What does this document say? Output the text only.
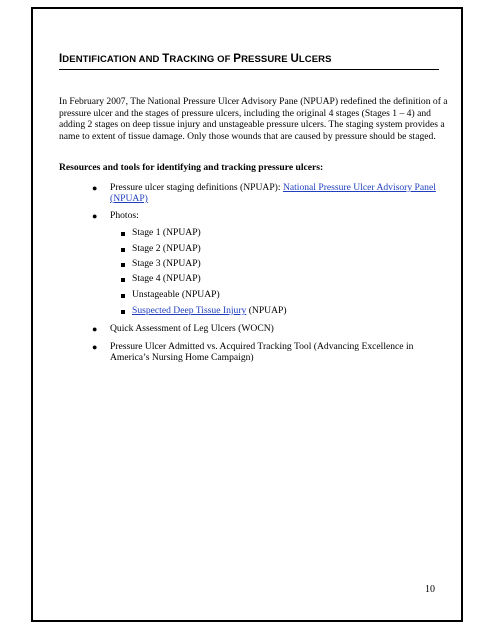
IDENTIFICATION AND TRACKING OF PRESSURE ULCERS

In February 2007, The National Pressure Ulcer Advisory Pane (NPUAP) redefined the definition of a pressure ulcer and the stages of pressure ulcers, including the original 4 stages (Stages 1 – 4) and adding 2 stages on deep tissue injury and unstageable pressure ulcers. The staging system provides a name to extent of tissue damage. Only those wounds that are caused by pressure should be staged.

Resources and tools for identifying and tracking pressure ulcers:
● Pressure ulcer staging definitions (NPUAP): National Pressure Ulcer Advisory Panel
(NPUAP)
● Photos:
Stage 1 (NPUAP)
Stage 2 (NPUAP)
Stage 3 (NPUAP)
Stage 4 (NPUAP)
Unstageable (NPUAP)
Suspected Deep Tissue Injury (NPUAP)
● Quick Assessment of Leg Ulcers (WOCN)
● Pressure Ulcer Admitted vs. Acquired Tracking Tool (Advancing Excellence in
America’s Nursing Home Campaign)
10
